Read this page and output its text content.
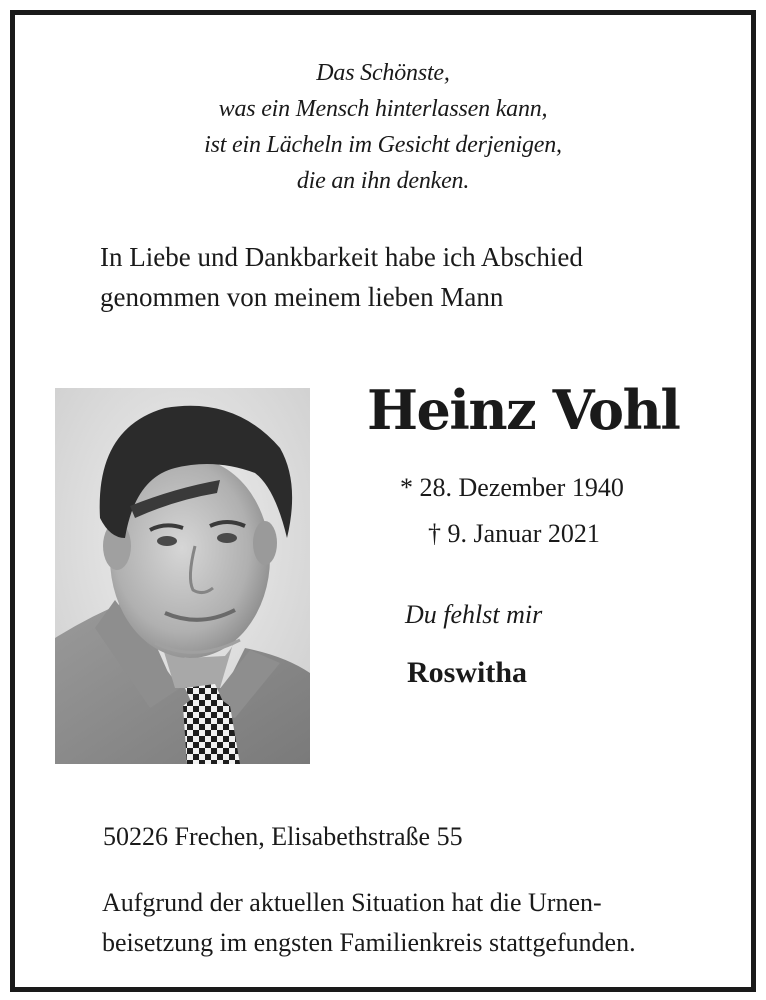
Das Schönste,
was ein Mensch hinterlassen kann,
ist ein Lächeln im Gesicht derjenigen,
die an ihn denken.
In Liebe und Dankbarkeit habe ich Abschied
genommen von meinem lieben Mann
Heinz Vohl
* 28. Dezember 1940
† 9. Januar 2021
Du fehlst mir
Roswitha
50226 Frechen, Elisabethstraße 55
Aufgrund der aktuellen Situation hat die Urnen-
beisetzung im engsten Familienkreis stattgefunden.
